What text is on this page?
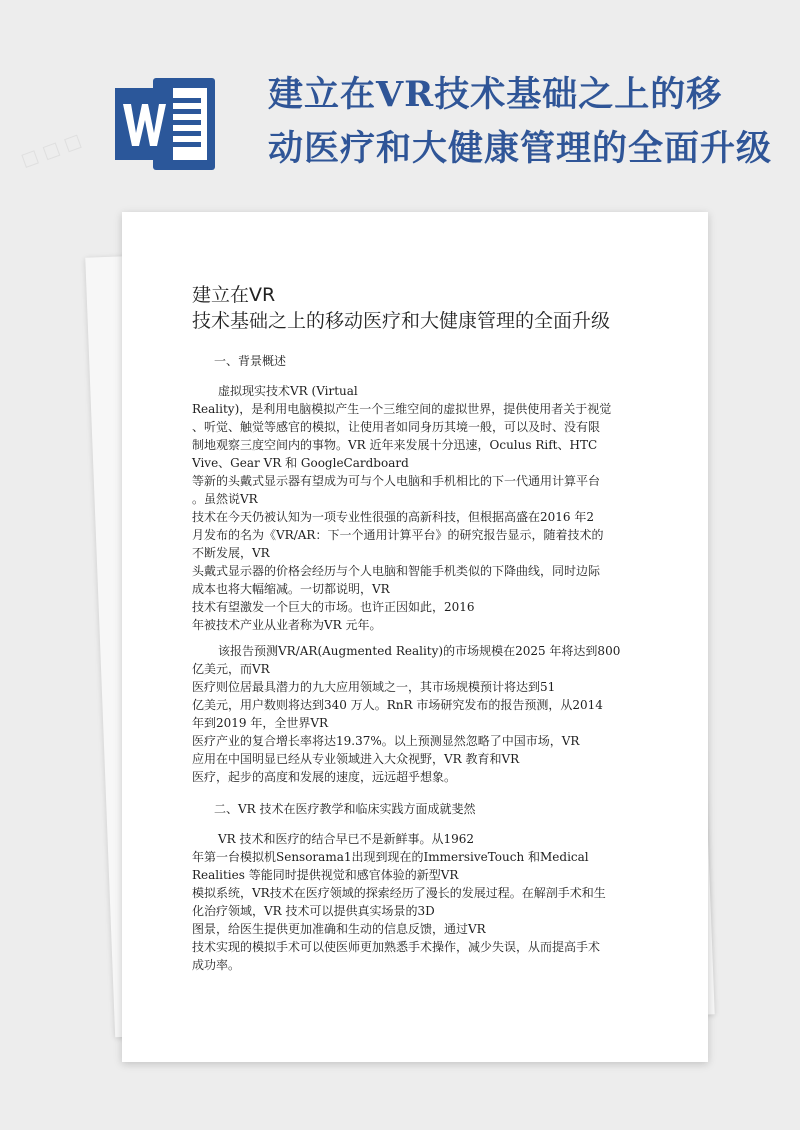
建立在VR技术基础之上的移
动医疗和大健康管理的全面升级
建立在VR
技术基础之上的移动医疗和大健康管理的全面升级
一、背景概述
虚拟现实技术VR (Virtual
Reality)，是利用电脑模拟产生一个三维空间的虚拟世界，提供使用者关于视觉
、听觉、触觉等感官的模拟，让使用者如同身历其境一般，可以及时、没有限
制地观察三度空间内的事物。VR 近年来发展十分迅速，Oculus Rift、HTC
Vive、Gear VR 和 GoogleCardboard
等新的头戴式显示器有望成为可与个人电脑和手机相比的下一代通用计算平台
。虽然说VR
技术在今天仍被认知为一项专业性很强的高新科技，但根据高盛在2016 年2
月发布的名为《VR/AR：下一个通用计算平台》的研究报告显示，随着技术的
不断发展，VR
头戴式显示器的价格会经历与个人电脑和智能手机类似的下降曲线，同时边际
成本也将大幅缩减。一切都说明，VR
技术有望激发一个巨大的市场。也许正因如此，2016
年被技术产业从业者称为VR 元年。
该报告预测VR/AR(Augmented Reality)的市场规模在2025 年将达到800
亿美元，而VR
医疗则位居最具潜力的九大应用领域之一，其市场规模预计将达到51
亿美元，用户数则将达到340 万人。RnR 市场研究发布的报告预测，从2014
年到2019 年，全世界VR
医疗产业的复合增长率将达19.37%。以上预测显然忽略了中国市场，VR
应用在中国明显已经从专业领域进入大众视野，VR 教育和VR
医疗，起步的高度和发展的速度，远远超乎想象。
二、VR 技术在医疗教学和临床实践方面成就斐然
VR 技术和医疗的结合早已不是新鲜事。从1962
年第一台模拟机Sensorama1出现到现在的ImmersiveTouch 和Medical
Realities 等能同时提供视觉和感官体验的新型VR
模拟系统，VR技术在医疗领域的探索经历了漫长的发展过程。在解剖手术和生
化治疗领域，VR 技术可以提供真实场景的3D
图景，给医生提供更加准确和生动的信息反馈，通过VR
技术实现的模拟手术可以使医师更加熟悉手术操作，减少失误，从而提高手术
成功率。
□ □ □
